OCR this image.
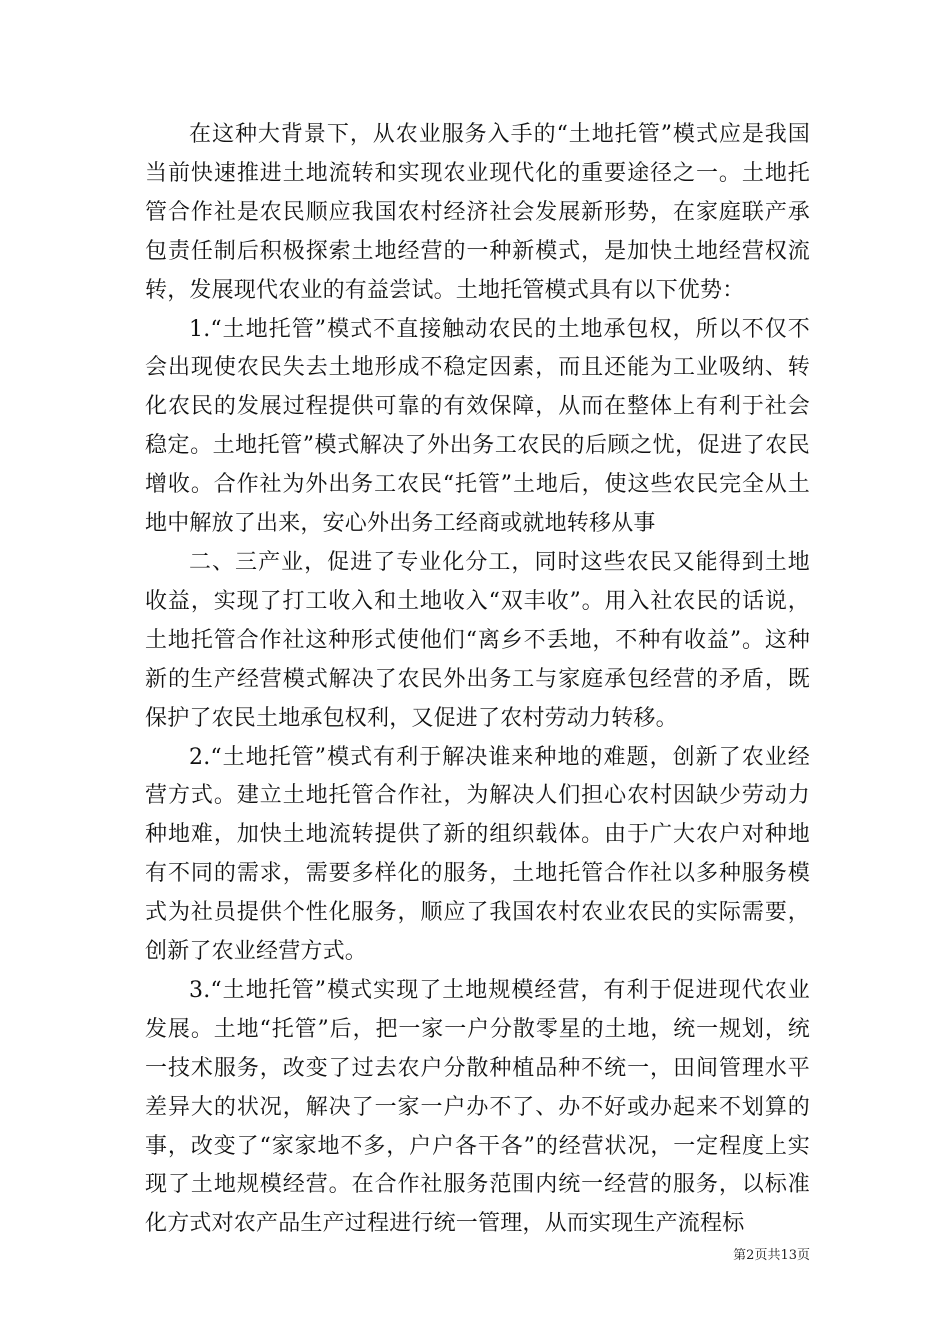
在这种大背景下，从农业服务入手的“土地托管”模式应是我国当前快速推进土地流转和实现农业现代化的重要途径之一。土地托管合作社是农民顺应我国农村经济社会发展新形势，在家庭联产承包责任制后积极探索土地经营的一种新模式，是加快土地经营权流转，发展现代农业的有益尝试。土地托管模式具有以下优势：

1.“土地托管”模式不直接触动农民的土地承包权，所以不仅不会出现使农民失去土地形成不稳定因素，而且还能为工业吸纳、转化农民的发展过程提供可靠的有效保障，从而在整体上有利于社会稳定。土地托管”模式解决了外出务工农民的后顾之忧，促进了农民增收。合作社为外出务工农民“托管”土地后，使这些农民完全从土地中解放了出来，安心外出务工经商或就地转移从事

二、三产业，促进了专业化分工，同时这些农民又能得到土地收益，实现了打工收入和土地收入“双丰收”。用入社农民的话说，土地托管合作社这种形式使他们“离乡不丢地，不种有收益”。这种新的生产经营模式解决了农民外出务工与家庭承包经营的矛盾，既保护了农民土地承包权利，又促进了农村劳动力转移。

2.“土地托管”模式有利于解决谁来种地的难题，创新了农业经营方式。建立土地托管合作社，为解决人们担心农村因缺少劳动力种地难，加快土地流转提供了新的组织载体。由于广大农户对种地有不同的需求，需要多样化的服务，土地托管合作社以多种服务模式为社员提供个性化服务，顺应了我国农村农业农民的实际需要，创新了农业经营方式。

3.“土地托管”模式实现了土地规模经营，有利于促进现代农业发展。土地“托管”后，把一家一户分散零星的土地，统一规划，统一技术服务，改变了过去农户分散种植品种不统一，田间管理水平差异大的状况，解决了一家一户办不了、办不好或办起来不划算的事，改变了“家家地不多，户户各干各”的经营状况，一定程度上实现了土地规模经营。在合作社服务范围内统一经营的服务，以标准化方式对农产品生产过程进行统一管理，从而实现生产流程标

第2页共13页
